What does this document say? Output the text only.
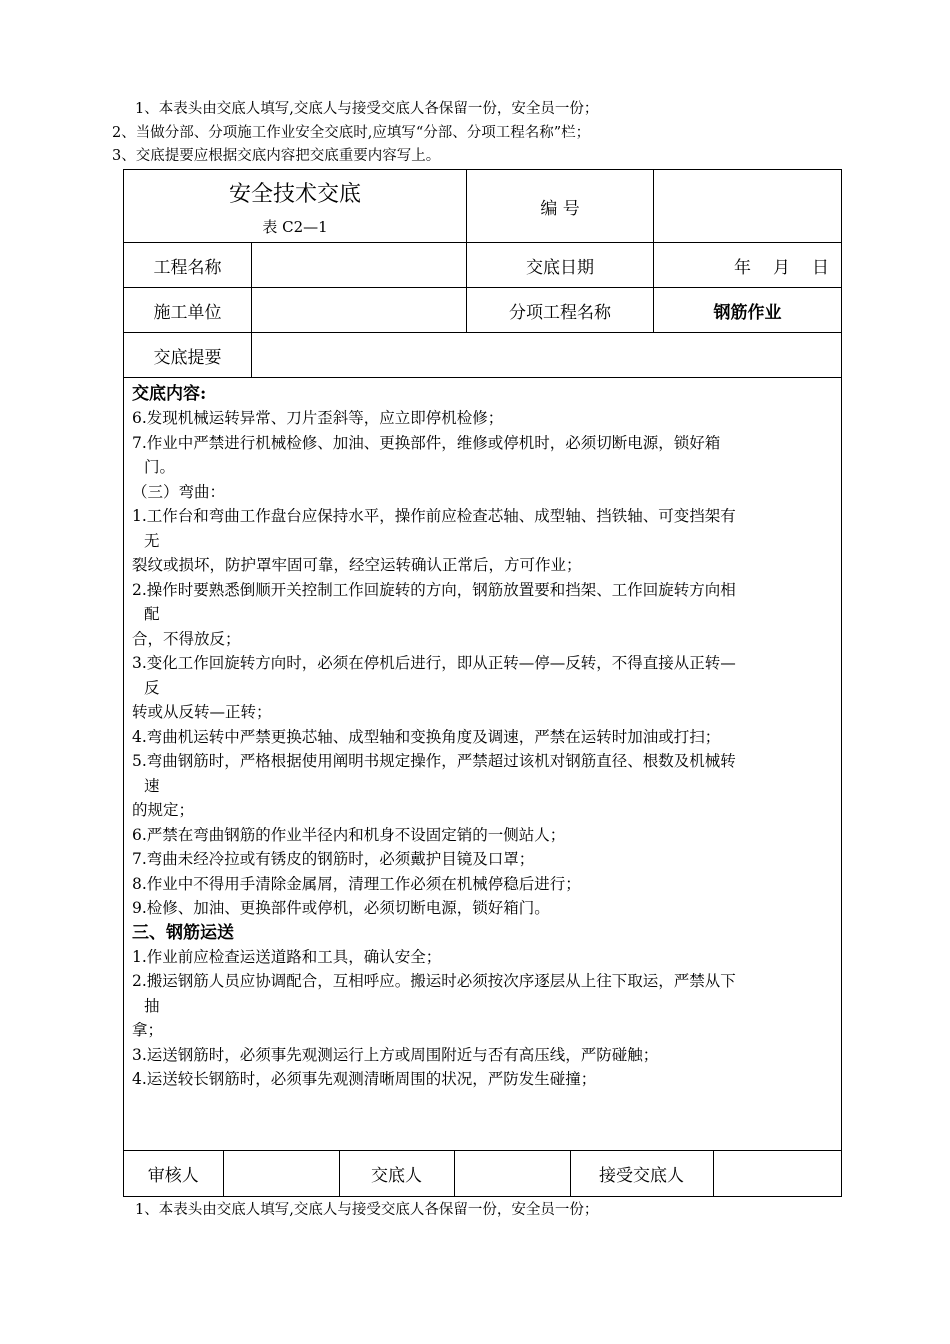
1、本表头由交底人填写,交底人与接受交底人各保留一份，安全员一份；
2、当做分部、分项施工作业安全交底时,应填写“分部、分项工程名称”栏；
3、交底提要应根据交底内容把交底重要内容写上。
安全技术交底
表 C2—1
	编 号	
工程名称		交底日期	年 月 日
施工单位		分项工程名称	钢筋作业
交底提要	

交底内容:
6.发现机械运转异常、刀片歪斜等，应立即停机检修；
7.作业中严禁进行机械检修、加油、更换部件，维修或停机时，必须切断电源，锁好箱
门。
（三）弯曲：
1.工作台和弯曲工作盘台应保持水平，操作前应检查芯轴、成型轴、挡铁轴、可变挡架有
无
裂纹或损坏，防护罩牢固可靠，经空运转确认正常后，方可作业；
2.操作时要熟悉倒顺开关控制工作回旋转的方向，钢筋放置要和挡架、工作回旋转方向相
配
合，不得放反；
3.变化工作回旋转方向时，必须在停机后进行，即从正转—停—反转，不得直接从正转—
反
转或从反转—正转；
4.弯曲机运转中严禁更换芯轴、成型轴和变换角度及调速，严禁在运转时加油或打扫；
5.弯曲钢筋时，严格根据使用阐明书规定操作，严禁超过该机对钢筋直径、根数及机械转
速
的规定；
6.严禁在弯曲钢筋的作业半径内和机身不设固定销的一侧站人；
7.弯曲未经冷拉或有锈皮的钢筋时，必须戴护目镜及口罩；
8.作业中不得用手清除金属屑，清理工作必须在机械停稳后进行；
9.检修、加油、更换部件或停机，必须切断电源，锁好箱门。
三、钢筋运送
1.作业前应检查运送道路和工具，确认安全；
2.搬运钢筋人员应协调配合，互相呼应。搬运时必须按次序逐层从上往下取运，严禁从下
抽
拿；
3.运送钢筋时，必须事先观测运行上方或周围附近与否有高压线，严防碰触；
4.运送较长钢筋时，必须事先观测清晰周围的状况，严防发生碰撞；

审核人		交底人		接受交底人	
1、本表头由交底人填写,交底人与接受交底人各保留一份，安全员一份；
